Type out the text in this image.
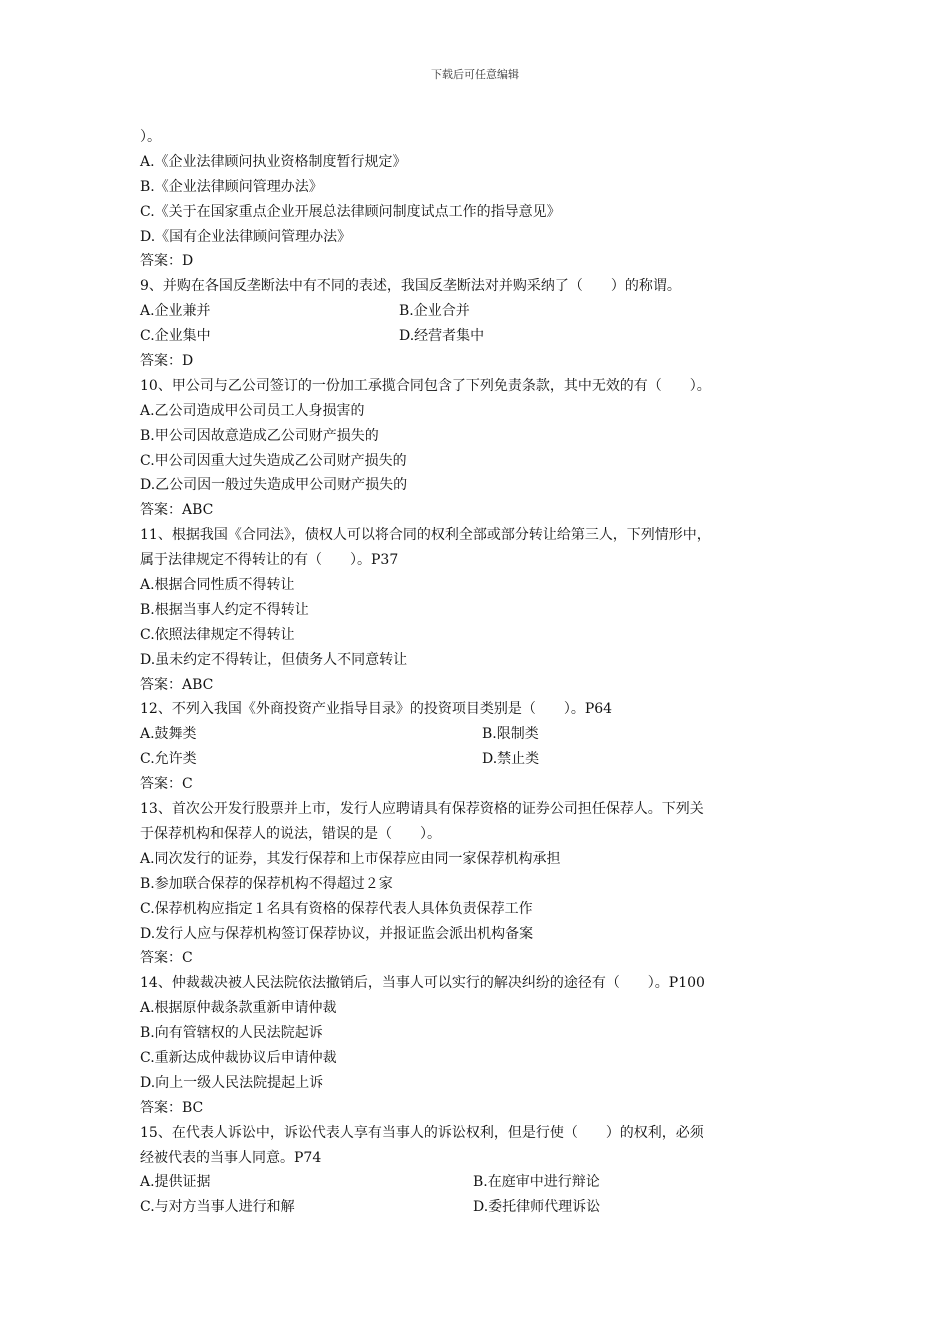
下载后可任意编辑
）。
A.《企业法律顾问执业资格制度暂行规定》
B.《企业法律顾问管理办法》
C.《关于在国家重点企业开展总法律顾问制度试点工作的指导意见》
D.《国有企业法律顾问管理办法》
答案：D
9、并购在各国反垄断法中有不同的表述，我国反垄断法对并购采纳了（　　）的称谓。
A.企业兼并	B.企业合并
C.企业集中	D.经营者集中
答案：D
10、甲公司与乙公司签订的一份加工承揽合同包含了下列免责条款，其中无效的有（　　）。
A.乙公司造成甲公司员工人身损害的
B.甲公司因故意造成乙公司财产损失的
C.甲公司因重大过失造成乙公司财产损失的
D.乙公司因一般过失造成甲公司财产损失的
答案：ABC
11、根据我国《合同法》，债权人可以将合同的权利全部或部分转让给第三人，下列情形中，
属于法律规定不得转让的有（　　）。P37
A.根据合同性质不得转让
B.根据当事人约定不得转让
C.依照法律规定不得转让
D.虽未约定不得转让，但债务人不同意转让
答案：ABC
12、不列入我国《外商投资产业指导目录》的投资项目类别是（　　）。P64
A.鼓舞类	B.限制类
C.允许类	D.禁止类
答案：C
13、首次公开发行股票并上市，发行人应聘请具有保荐资格的证券公司担任保荐人。下列关
于保荐机构和保荐人的说法，错误的是（　　）。
A.同次发行的证券，其发行保荐和上市保荐应由同一家保荐机构承担
B.参加联合保荐的保荐机构不得超过２家
C.保荐机构应指定１名具有资格的保荐代表人具体负责保荐工作
D.发行人应与保荐机构签订保荐协议，并报证监会派出机构备案
答案：C
14、仲裁裁决被人民法院依法撤销后，当事人可以实行的解决纠纷的途径有（　　）。P100
A.根据原仲裁条款重新申请仲裁
B.向有管辖权的人民法院起诉
C.重新达成仲裁协议后申请仲裁
D.向上一级人民法院提起上诉
答案：BC
15、在代表人诉讼中，诉讼代表人享有当事人的诉讼权利，但是行使（　　）的权利，必须
经被代表的当事人同意。P74
A.提供证据	B.在庭审中进行辩论
C.与对方当事人进行和解	D.委托律师代理诉讼
